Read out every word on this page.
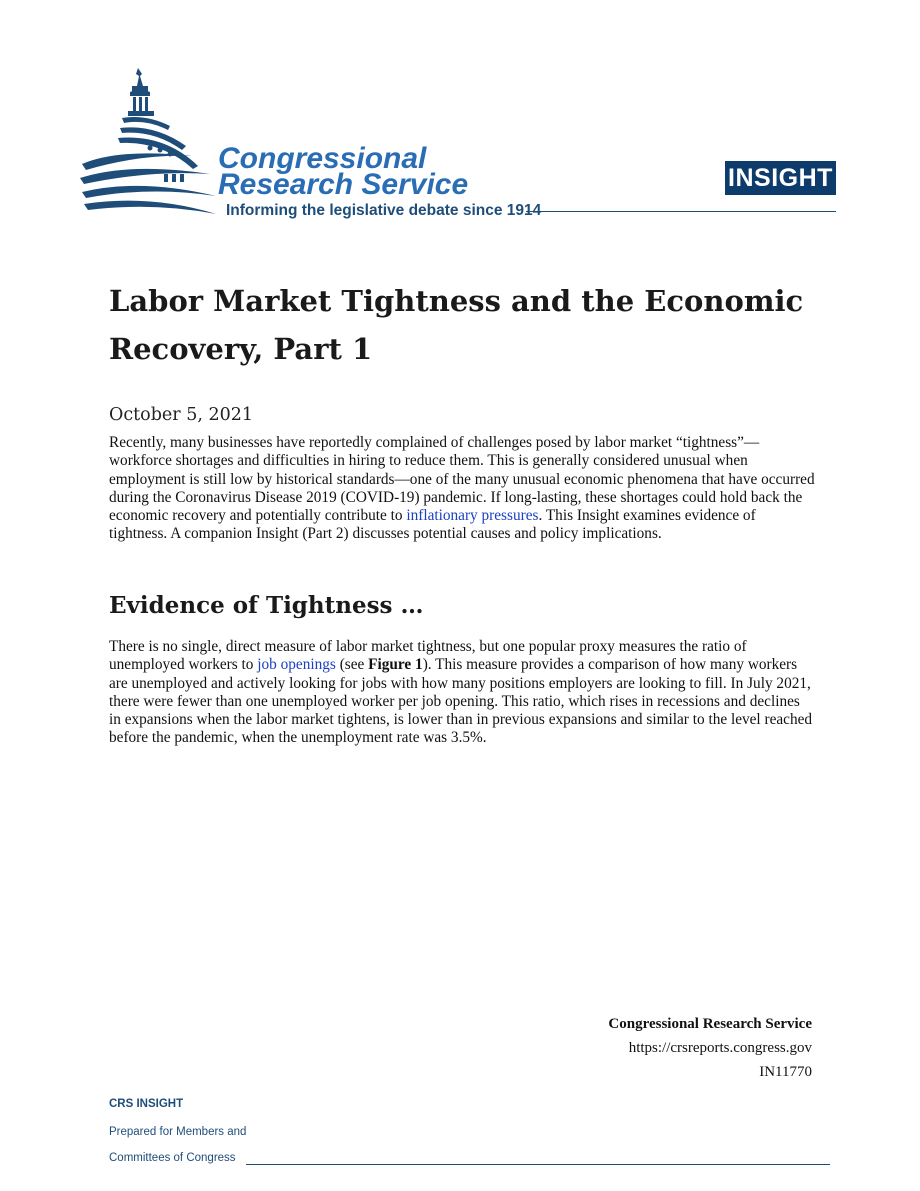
Congressional
Research Service
Informing the legislative debate since 1914
INSIGHT
Labor Market Tightness and the Economic Recovery, Part 1

October 5, 2021

Recently, many businesses have reportedly complained of challenges posed by labor market “tightness”—workforce shortages and difficulties in hiring to reduce them. This is generally considered unusual when employment is still low by historical standards—one of the many unusual economic phenomena that have occurred during the Coronavirus Disease 2019 (COVID-19) pandemic. If long-lasting, these shortages could hold back the economic recovery and potentially contribute to inflationary pressures. This Insight examines evidence of tightness. A companion Insight (Part 2) discusses potential causes and policy implications.

Evidence of Tightness …

There is no single, direct measure of labor market tightness, but one popular proxy measures the ratio of unemployed workers to job openings (see Figure 1). This measure provides a comparison of how many workers are unemployed and actively looking for jobs with how many positions employers are looking to fill. In July 2021, there were fewer than one unemployed worker per job opening. This ratio, which rises in recessions and declines in expansions when the labor market tightens, is lower than in previous expansions and similar to the level reached before the pandemic, when the unemployment rate was 3.5%.

Congressional Research Service
https://crsreports.congress.gov
IN11770
CRS INSIGHT
Prepared for Members and
Committees of Congress
